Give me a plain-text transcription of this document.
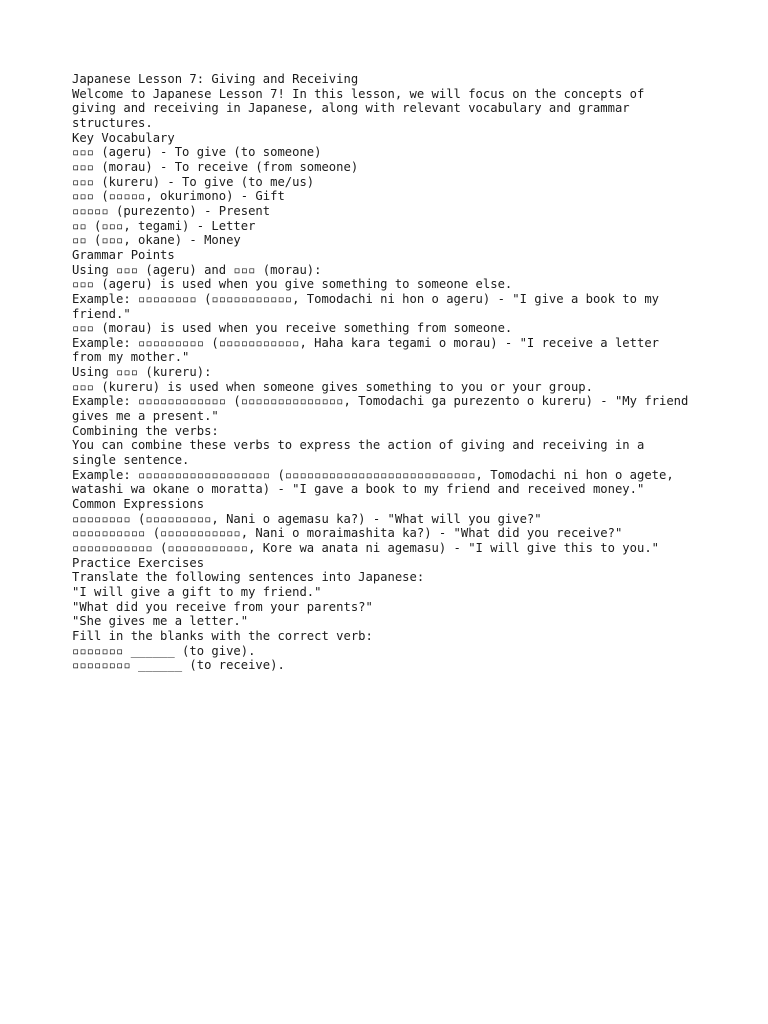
Japanese Lesson 7: Giving and Receiving

Welcome to Japanese Lesson 7! In this lesson, we will focus on the concepts of giving and receiving in Japanese, along with relevant vocabulary and grammar structures.

Key Vocabulary

▫▫▫ (ageru) - To give (to someone)

▫▫▫ (morau) - To receive (from someone)

▫▫▫ (kureru) - To give (to me/us)

▫▫▫ (▫▫▫▫▫, okurimono) - Gift

▫▫▫▫▫ (purezento) - Present

▫▫ (▫▫▫, tegami) - Letter

▫▫ (▫▫▫, okane) - Money

Grammar Points

Using ▫▫▫ (ageru) and ▫▫▫ (morau):

▫▫▫ (ageru) is used when you give something to someone else.

Example: ▫▫▫▫▫▫▫▫ (▫▫▫▫▫▫▫▫▫▫▫, Tomodachi ni hon o ageru) - "I give a book to my friend."

▫▫▫ (morau) is used when you receive something from someone.

Example: ▫▫▫▫▫▫▫▫▫ (▫▫▫▫▫▫▫▫▫▫▫, Haha kara tegami o morau) - "I receive a letter from my mother."

Using ▫▫▫ (kureru):

▫▫▫ (kureru) is used when someone gives something to you or your group.

Example: ▫▫▫▫▫▫▫▫▫▫▫▫ (▫▫▫▫▫▫▫▫▫▫▫▫▫▫, Tomodachi ga purezento o kureru) - "My friend gives me a present."

Combining the verbs:

You can combine these verbs to express the action of giving and receiving in a single sentence.

Example: ▫▫▫▫▫▫▫▫▫▫▫▫▫▫▫▫▫▫ (▫▫▫▫▫▫▫▫▫▫▫▫▫▫▫▫▫▫▫▫▫▫▫▫▫▫, Tomodachi ni hon o agete, watashi wa okane o moratta) - "I gave a book to my friend and received money."

Common Expressions

▫▫▫▫▫▫▫▫ (▫▫▫▫▫▫▫▫▫, Nani o agemasu ka?) - "What will you give?"

▫▫▫▫▫▫▫▫▫▫ (▫▫▫▫▫▫▫▫▫▫▫, Nani o moraimashita ka?) - "What did you receive?"

▫▫▫▫▫▫▫▫▫▫▫ (▫▫▫▫▫▫▫▫▫▫▫, Kore wa anata ni agemasu) - "I will give this to you."

Practice Exercises

Translate the following sentences into Japanese:

"I will give a gift to my friend."

"What did you receive from your parents?"

"She gives me a letter."

Fill in the blanks with the correct verb:

▫▫▫▫▫▫▫ ______ (to give).

▫▫▫▫▫▫▫▫ ______ (to receive).
